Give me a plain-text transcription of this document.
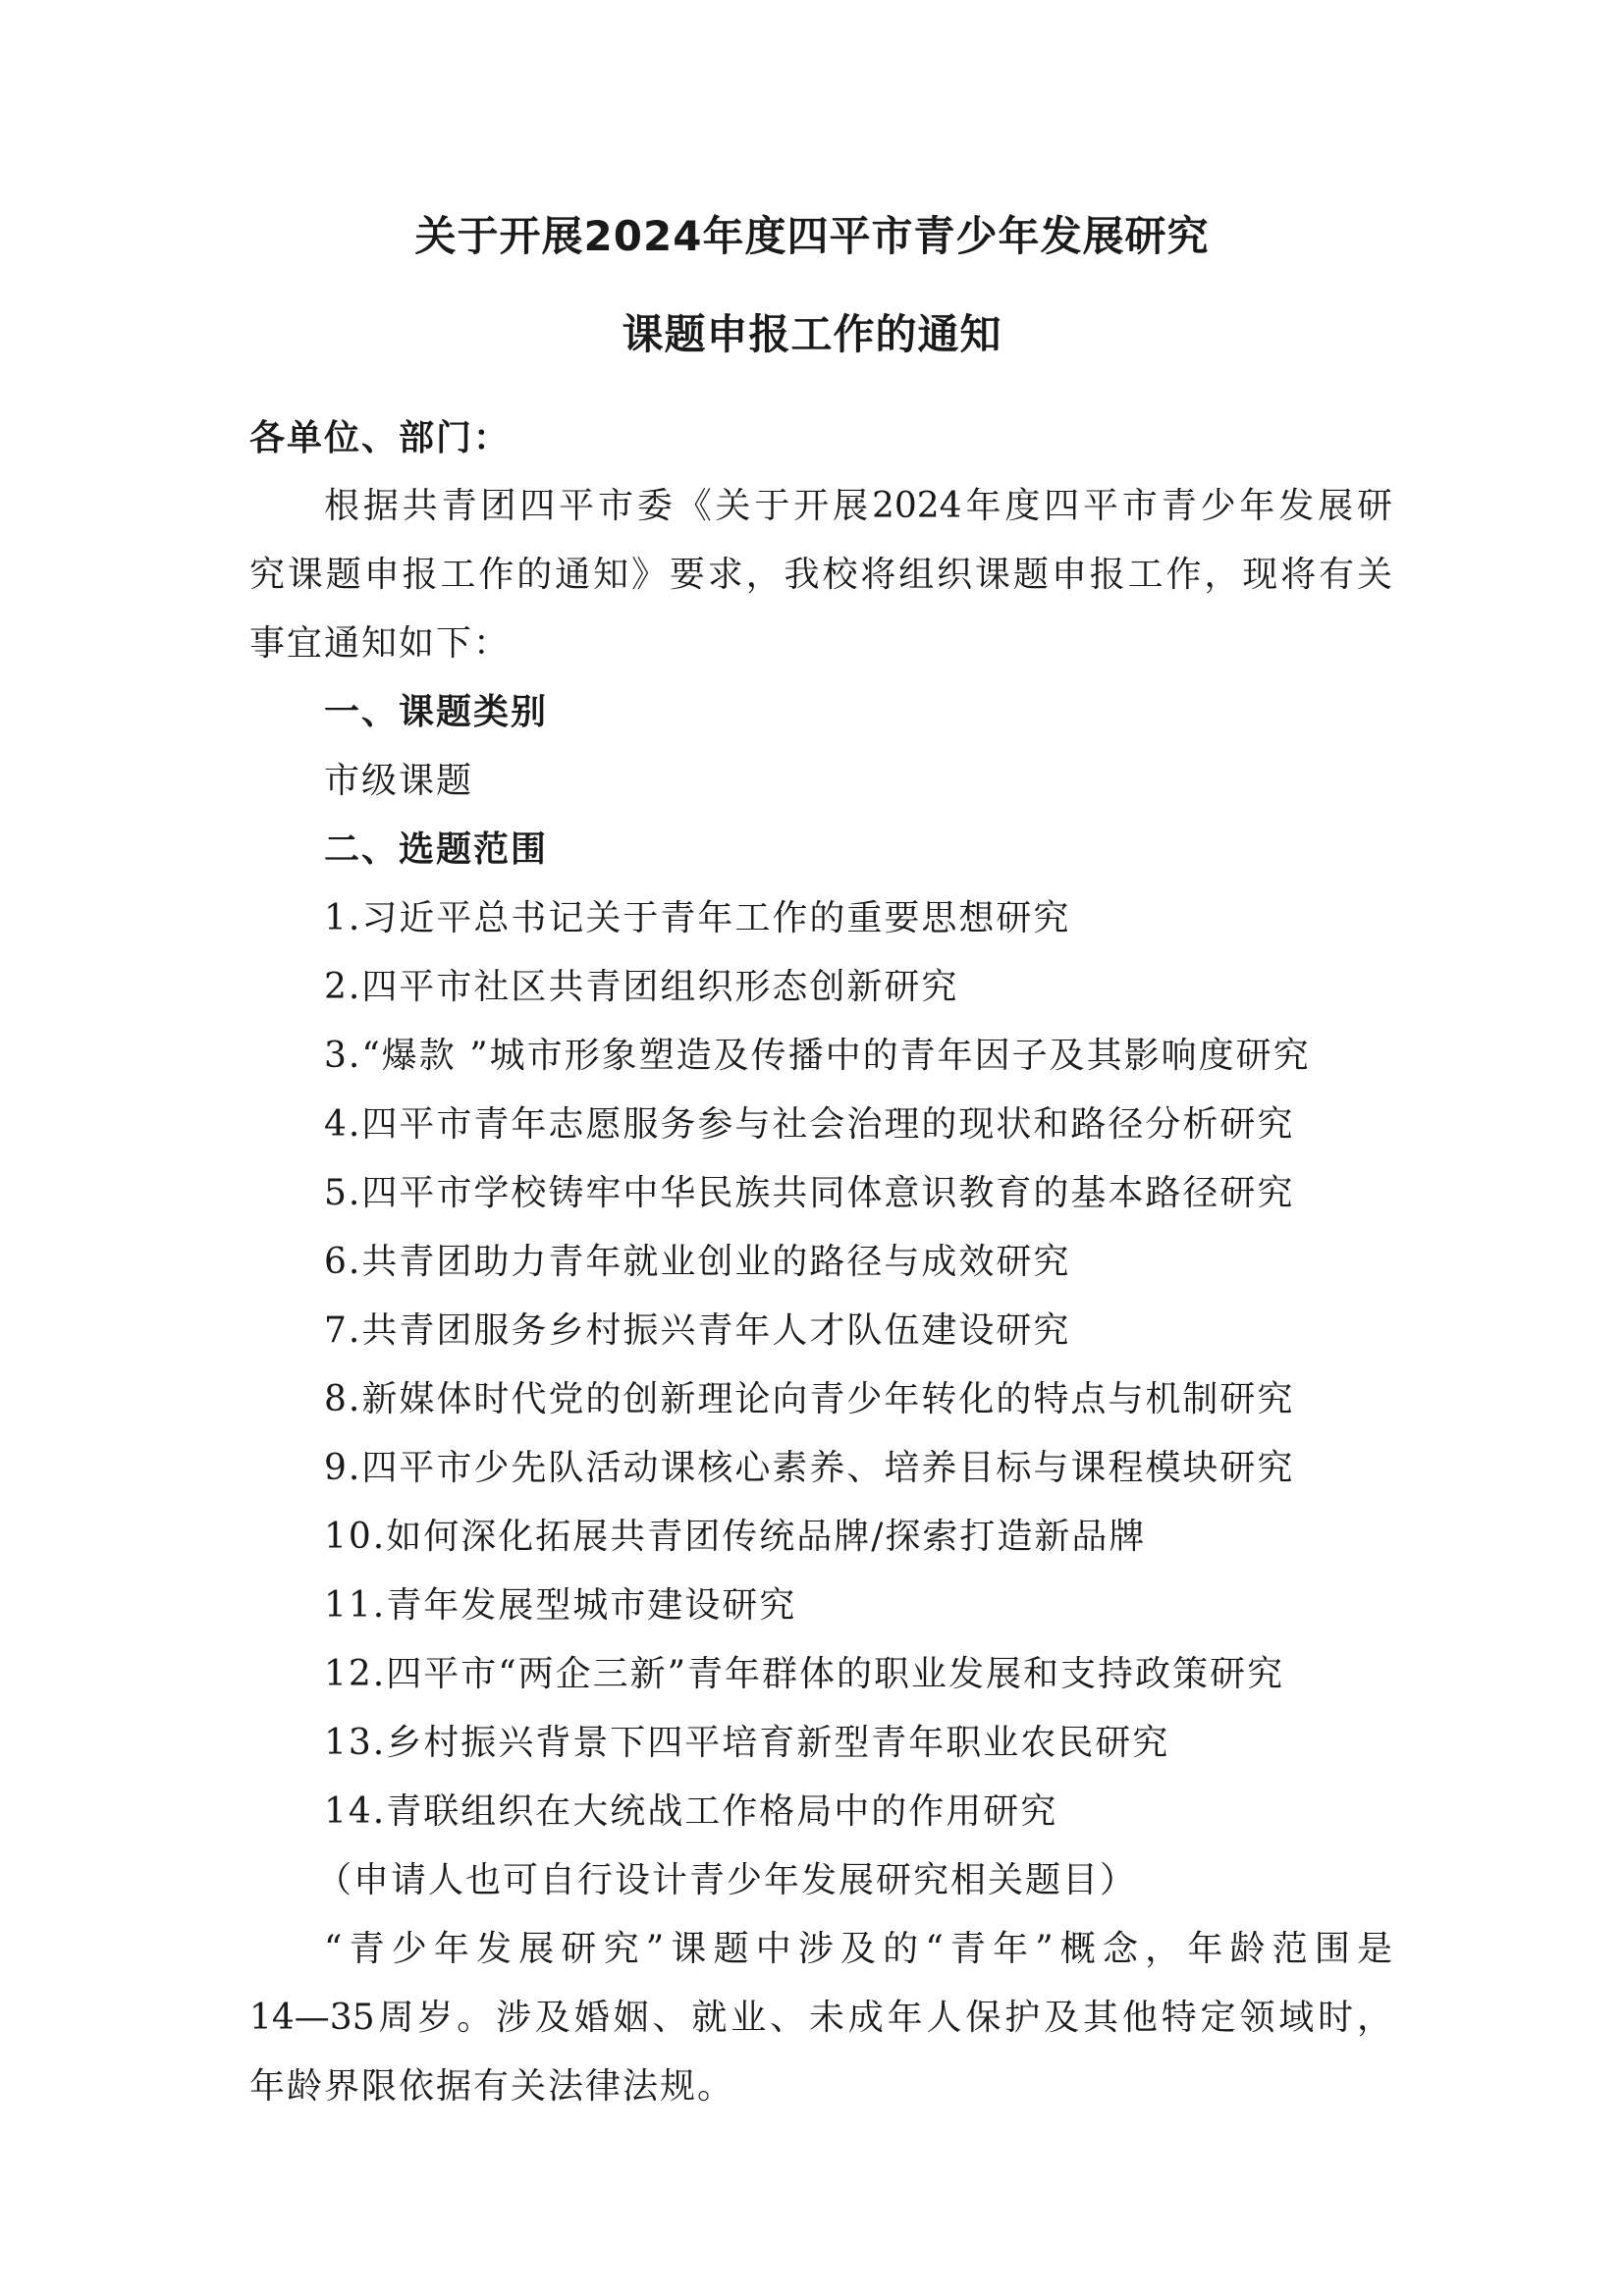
关于开展2024年度四平市青少年发展研究
课题申报工作的通知
各单位、部门：
根据共青团四平市委《关于开展2024年度四平市青少年发展研
究课题申报工作的通知》要求，我校将组织课题申报工作，现将有关
事宜通知如下：
一、课题类别
市级课题
二、选题范围
1.习近平总书记关于青年工作的重要思想研究
2.四平市社区共青团组织形态创新研究
3.“爆款 ”城市形象塑造及传播中的青年因子及其影响度研究
4.四平市青年志愿服务参与社会治理的现状和路径分析研究
5.四平市学校铸牢中华民族共同体意识教育的基本路径研究
6.共青团助力青年就业创业的路径与成效研究
7.共青团服务乡村振兴青年人才队伍建设研究
8.新媒体时代党的创新理论向青少年转化的特点与机制研究
9.四平市少先队活动课核心素养、培养目标与课程模块研究
10.如何深化拓展共青团传统品牌/探索打造新品牌
11.青年发展型城市建设研究
12.四平市“两企三新”青年群体的职业发展和支持政策研究
13.乡村振兴背景下四平培育新型青年职业农民研究
14.青联组织在大统战工作格局中的作用研究
（申请人也可自行设计青少年发展研究相关题目）
“青少年发展研究”课题中涉及的“青年”概念，年龄范围是
14—35周岁。涉及婚姻、就业、未成年人保护及其他特定领域时，
年龄界限依据有关法律法规。
